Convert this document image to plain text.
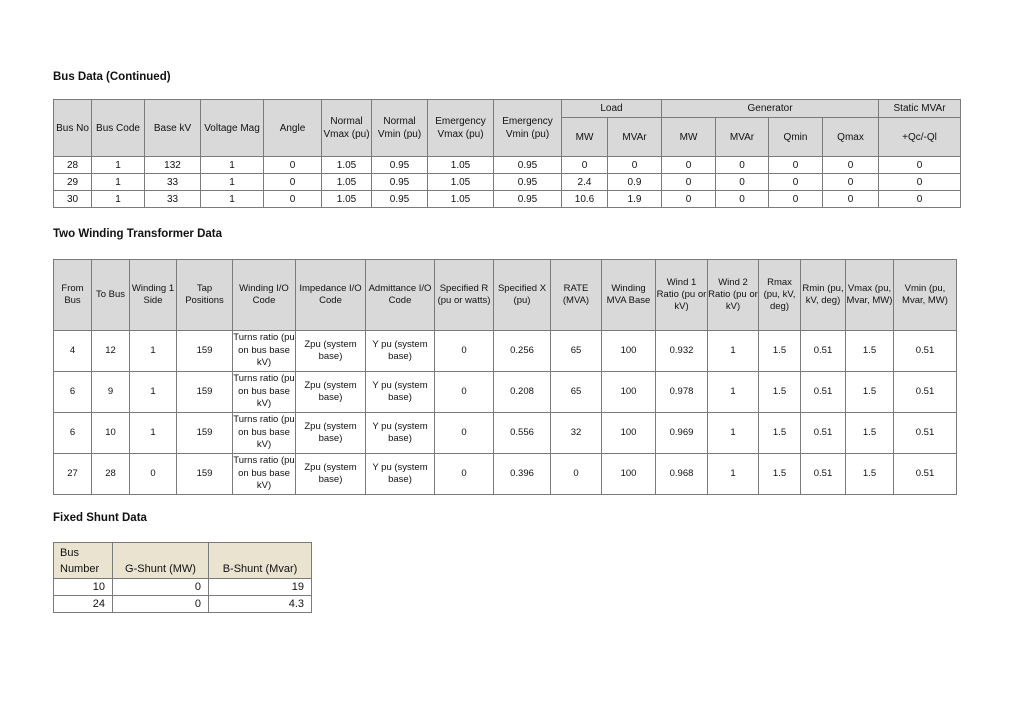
Bus Data (Continued)
Bus No	Bus Code	Base kV	Voltage Mag	Angle	Normal Vmax (pu)	Normal Vmin (pu)	Emergency Vmax (pu)	Emergency Vmin (pu)	Load		Generator				Static MVAr
									MW	MVAr	MW	MVAr	Qmin	Qmax	+Qc/-Ql
28	1	132	1	0	1.05	0.95	1.05	0.95	0	0	0	0	0	0	0
29	1	33	1	0	1.05	0.95	1.05	0.95	2.4	0.9	0	0	0	0	0
30	1	33	1	0	1.05	0.95	1.05	0.95	10.6	1.9	0	0	0	0	0
Two Winding Transformer Data
From Bus	To Bus	Winding 1 Side	Tap Positions	Winding I/O Code	Impedance I/O Code	Admittance I/O Code	Specified R (pu or watts)	Specified X (pu)	RATE (MVA)	Winding MVA Base	Wind 1 Ratio (pu or kV)	Wind 2 Ratio (pu or kV)	Rmax (pu, kV, deg)	Rmin (pu, kV, deg)	Vmax (pu, Mvar, MW)	Vmin (pu, Mvar, MW)
4	12	1	159	Turns ratio (pu on bus base kV)	Zpu (system base)	Y pu (system base)	0	0.256	65	100	0.932	1	1.5	0.51	1.5	0.51
6	9	1	159	Turns ratio (pu on bus base kV)	Zpu (system base)	Y pu (system base)	0	0.208	65	100	0.978	1	1.5	0.51	1.5	0.51
6	10	1	159	Turns ratio (pu on bus base kV)	Zpu (system base)	Y pu (system base)	0	0.556	32	100	0.969	1	1.5	0.51	1.5	0.51
27	28	0	159	Turns ratio (pu on bus base kV)	Zpu (system base)	Y pu (system base)	0	0.396	0	100	0.968	1	1.5	0.51	1.5	0.51
Fixed Shunt Data
Bus Number	G-Shunt (MW)	B-Shunt (Mvar)
10	0	19
24	0	4.3
